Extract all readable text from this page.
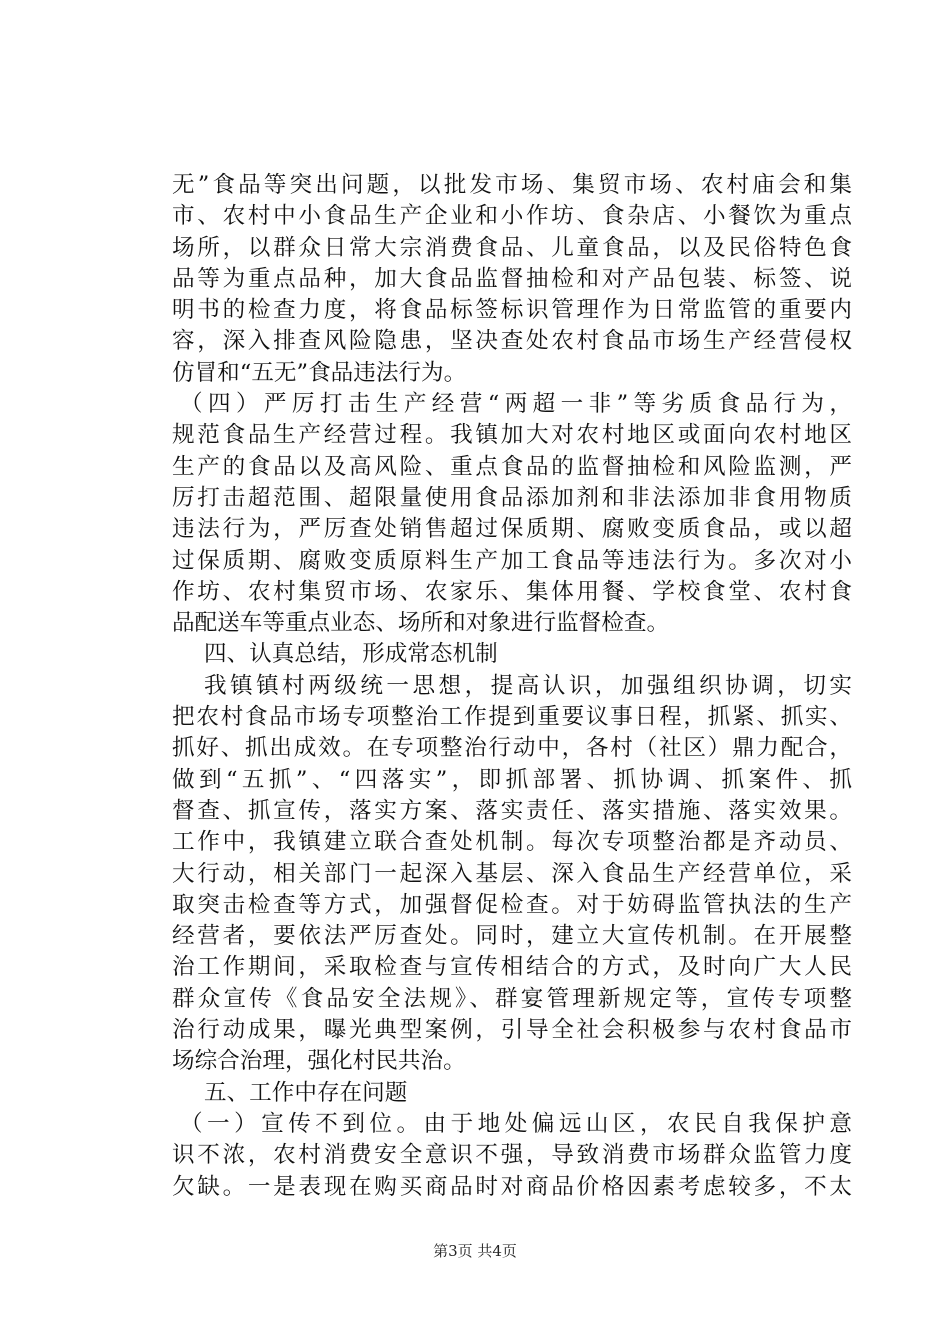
无”食品等突出问题，以批发市场、集贸市场、农村庙会和集
市、农村中小食品生产企业和小作坊、食杂店、小餐饮为重点
场所，以群众日常大宗消费食品、儿童食品，以及民俗特色食
品等为重点品种，加大食品监督抽检和对产品包装、标签、说
明书的检查力度，将食品标签标识管理作为日常监管的重要内
容，深入排查风险隐患，坚决查处农村食品市场生产经营侵权
仿冒和“五无”食品违法行为。
（四）严厉打击生产经营“两超一非”等劣质食品行为，
规范食品生产经营过程。我镇加大对农村地区或面向农村地区
生产的食品以及高风险、重点食品的监督抽检和风险监测，严
厉打击超范围、超限量使用食品添加剂和非法添加非食用物质
违法行为，严厉查处销售超过保质期、腐败变质食品，或以超
过保质期、腐败变质原料生产加工食品等违法行为。多次对小
作坊、农村集贸市场、农家乐、集体用餐、学校食堂、农村食
品配送车等重点业态、场所和对象进行监督检查。
四、认真总结，形成常态机制
我镇镇村两级统一思想，提高认识，加强组织协调，切实
把农村食品市场专项整治工作提到重要议事日程，抓紧、抓实、
抓好、抓出成效。在专项整治行动中，各村（社区）鼎力配合，
做到“五抓”、“四落实”，即抓部署、抓协调、抓案件、抓
督查、抓宣传，落实方案、落实责任、落实措施、落实效果。
工作中，我镇建立联合查处机制。每次专项整治都是齐动员、
大行动，相关部门一起深入基层、深入食品生产经营单位，采
取突击检查等方式，加强督促检查。对于妨碍监管执法的生产
经营者，要依法严厉查处。同时，建立大宣传机制。在开展整
治工作期间，采取检查与宣传相结合的方式，及时向广大人民
群众宣传《食品安全法规》、群宴管理新规定等，宣传专项整
治行动成果，曝光典型案例，引导全社会积极参与农村食品市
场综合治理，强化村民共治。
五、工作中存在问题
（一）宣传不到位。由于地处偏远山区，农民自我保护意
识不浓，农村消费安全意识不强，导致消费市场群众监管力度
欠缺。一是表现在购买商品时对商品价格因素考虑较多，不太
第3页 共4页
